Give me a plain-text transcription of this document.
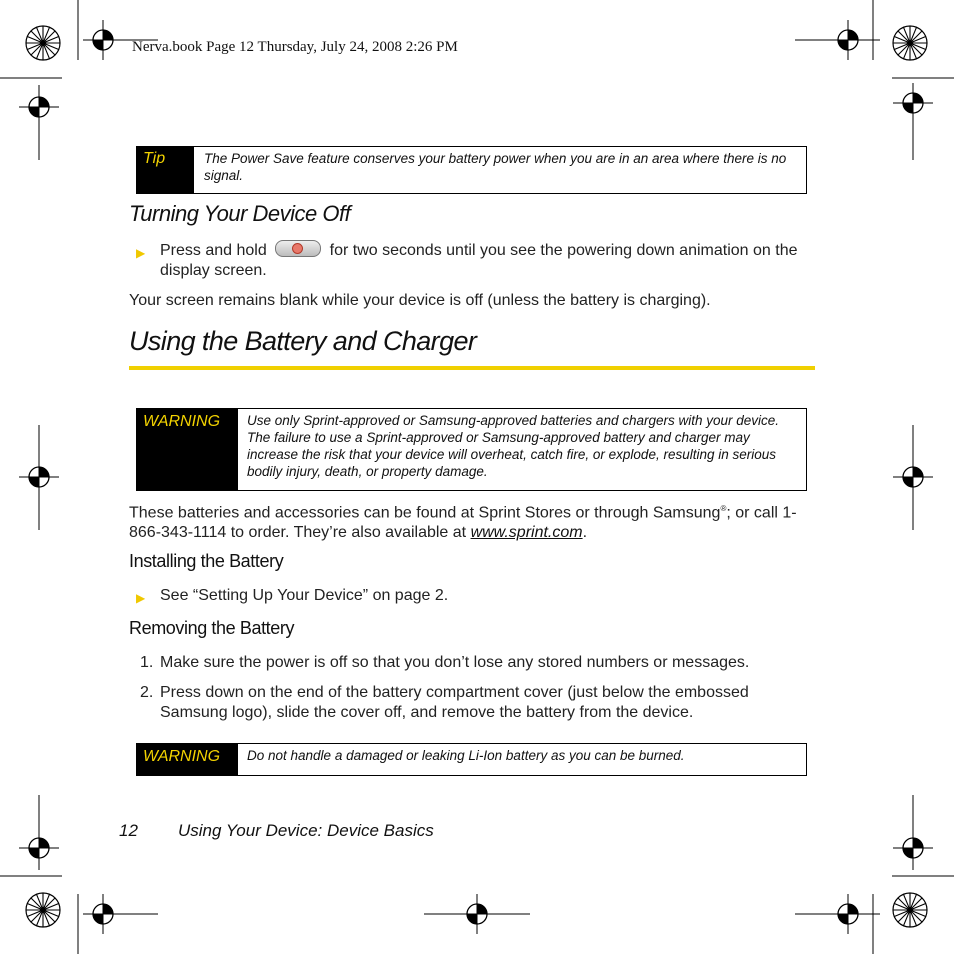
Nerva.book Page 12 Thursday, July 24, 2008 2:26 PM
Tip	The Power Save feature conserves your battery power when you are in an area where there is no signal.
Turning Your Device Off
▶ Press and hold	for two seconds until you see the powering down animation on the display screen.
Your screen remains blank while your device is off (unless the battery is charging).
Using the Battery and Charger
WARNING	Use only Sprint-approved or Samsung-approved batteries and chargers with your device. The failure to use a Sprint-approved or Samsung-approved battery and charger may increase the risk that your device will overheat, catch fire, or explode, resulting in serious bodily injury, death, or property damage.
These batteries and accessories can be found at Sprint Stores or through Samsung®; or call 1-866-343-1114 to order. They’re also available at www.sprint.com.
Installing the Battery
▶ See “Setting Up Your Device” on page 2.
Removing the Battery
1. Make sure the power is off so that you don’t lose any stored numbers or messages.
2. Press down on the end of the battery compartment cover (just below the embossed Samsung logo), slide the cover off, and remove the battery from the device.
WARNING	Do not handle a damaged or leaking Li-Ion battery as you can be burned.
12 Using Your Device: Device Basics
